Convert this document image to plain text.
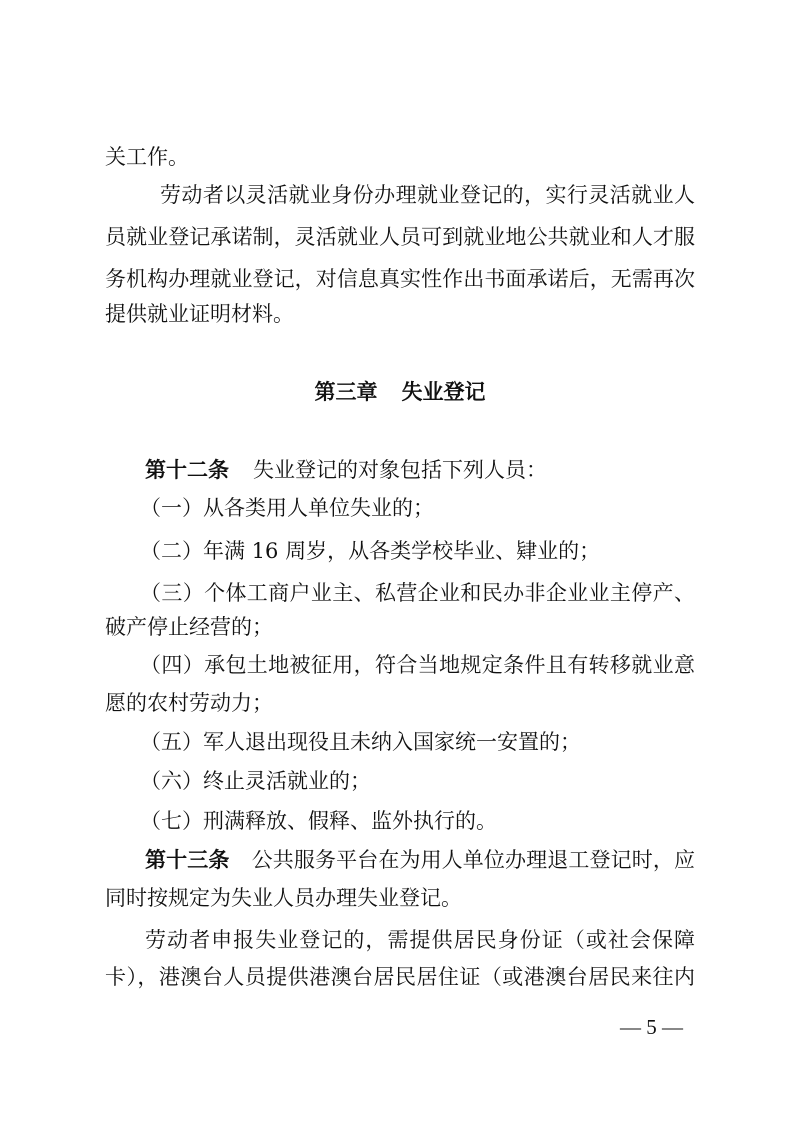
关工作。
劳动者以灵活就业身份办理就业登记的，实行灵活就业人
员就业登记承诺制，灵活就业人员可到就业地公共就业和人才服
务机构办理就业登记，对信息真实性作出书面承诺后，无需再次
提供就业证明材料。
第三章 失业登记
第十二条 失业登记的对象包括下列人员：
（一）从各类用人单位失业的；
（二）年满 16 周岁，从各类学校毕业、肄业的；
（三）个体工商户业主、私营企业和民办非企业业主停产、
破产停止经营的；
（四）承包土地被征用，符合当地规定条件且有转移就业意
愿的农村劳动力；
（五）军人退出现役且未纳入国家统一安置的；
（六）终止灵活就业的；
（七）刑满释放、假释、监外执行的。
第十三条 公共服务平台在为用人单位办理退工登记时，应
同时按规定为失业人员办理失业登记。
劳动者申报失业登记的，需提供居民身份证（或社会保障
卡），港澳台人员提供港澳台居民居住证（或港澳台居民来往内
— 5 —
